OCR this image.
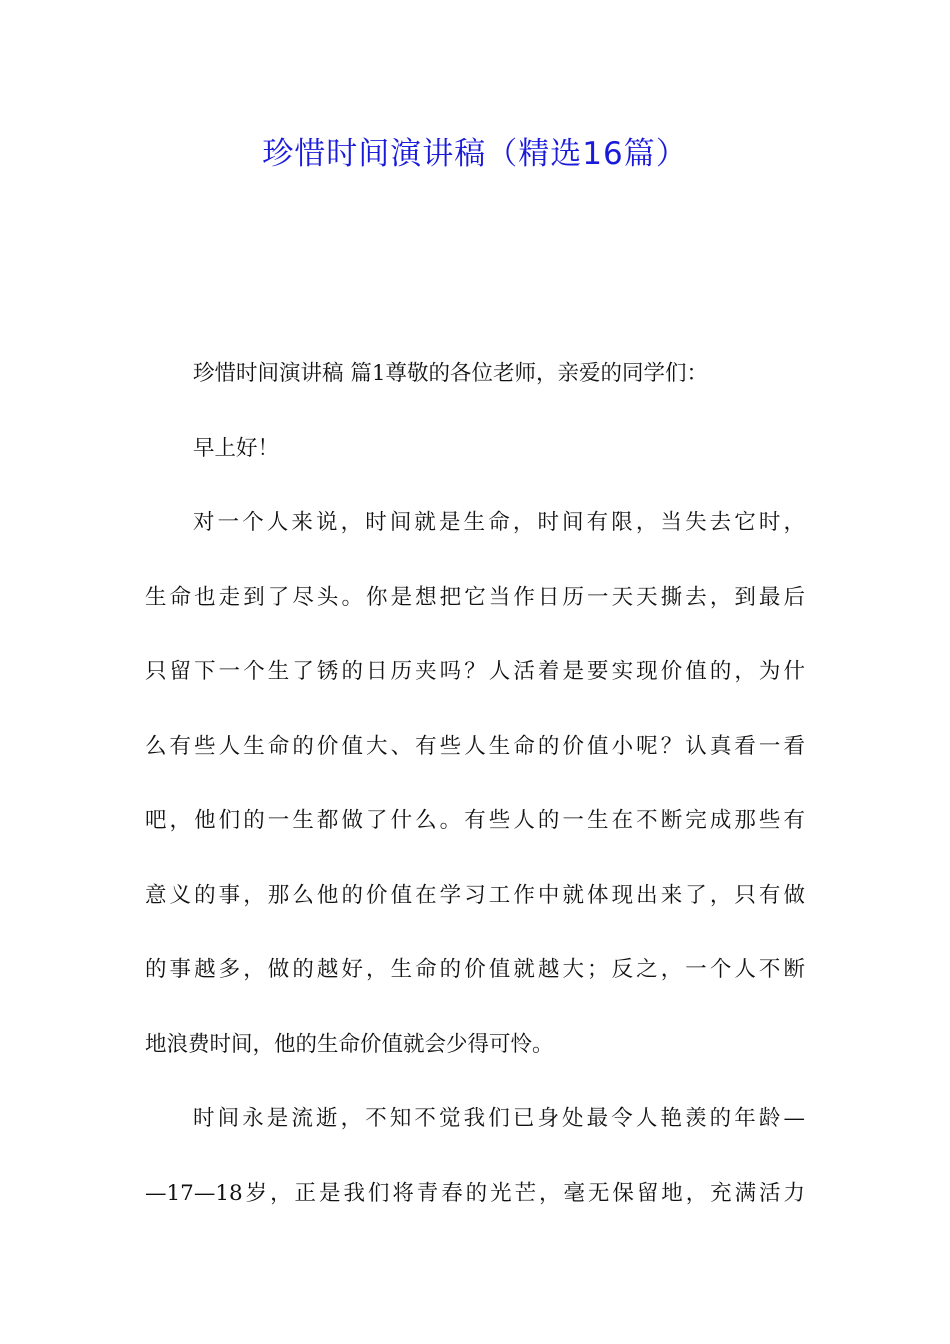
珍惜时间演讲稿（精选16篇）
珍惜时间演讲稿 篇1尊敬的各位老师，亲爱的同学们：
早上好！
对一个人来说，时间就是生命，时间有限，当失去它时，
生命也走到了尽头。你是想把它当作日历一天天撕去，到最后
只留下一个生了锈的日历夹吗？人活着是要实现价值的，为什
么有些人生命的价值大、有些人生命的价值小呢？认真看一看
吧，他们的一生都做了什么。有些人的一生在不断完成那些有
意义的事，那么他的价值在学习工作中就体现出来了，只有做
的事越多，做的越好，生命的价值就越大；反之，一个人不断
地浪费时间，他的生命价值就会少得可怜。
时间永是流逝，不知不觉我们已身处最令人艳羡的年龄—
—17—18岁，正是我们将青春的光芒，毫无保留地，充满活力
